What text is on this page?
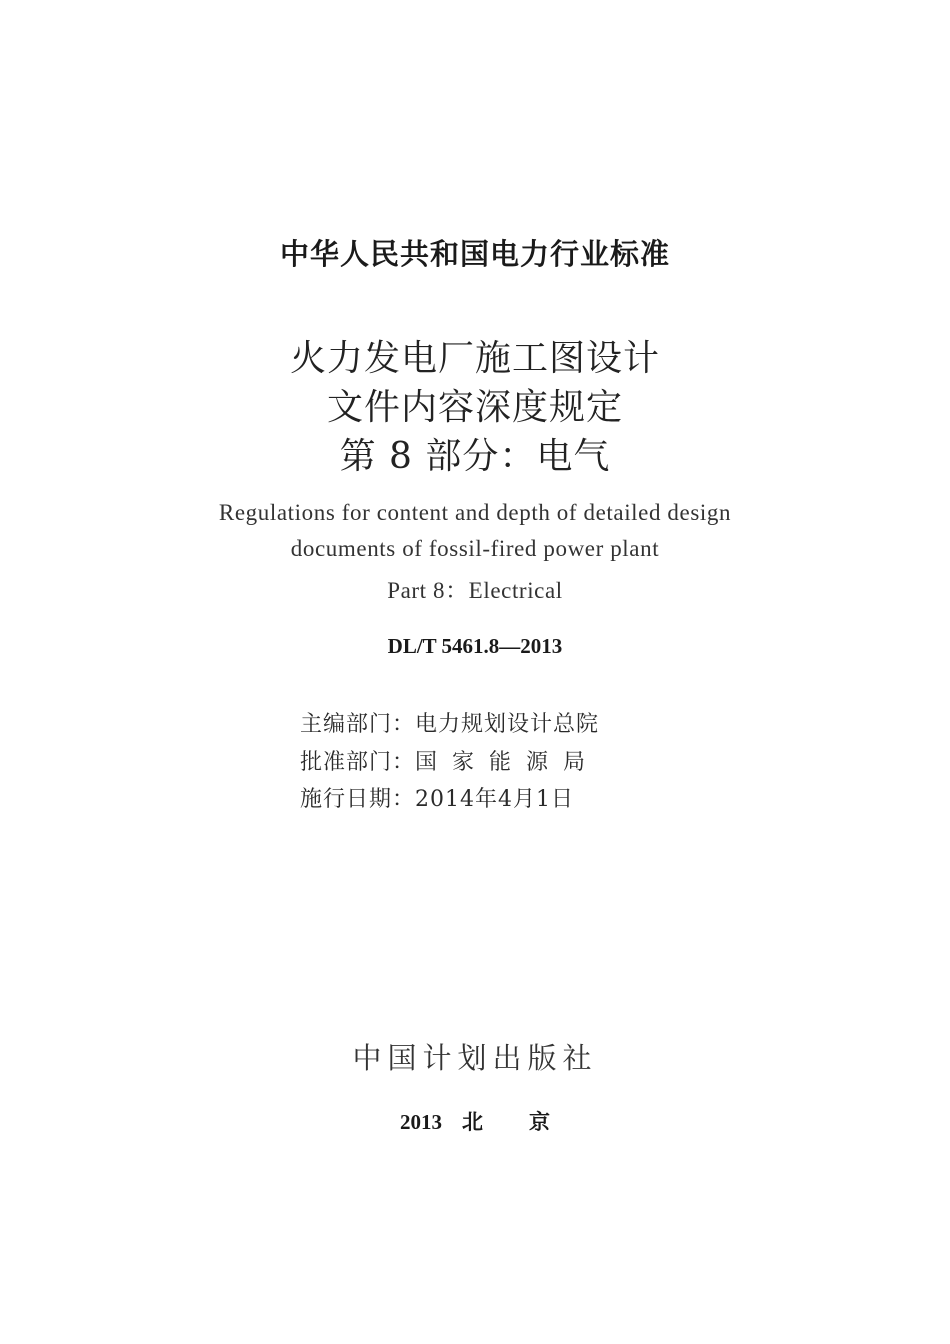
中华人民共和国电力行业标准
火力发电厂施工图设计
文件内容深度规定
第 8 部分：电气
Regulations for content and depth of detailed design
documents of fossil-fired power plant
Part 8：Electrical
DL/T 5461.8—2013
主编部门：电力规划设计总院
批准部门：国家能源局
施行日期：2014年4月1日
中国计划出版社
2013 北 京
